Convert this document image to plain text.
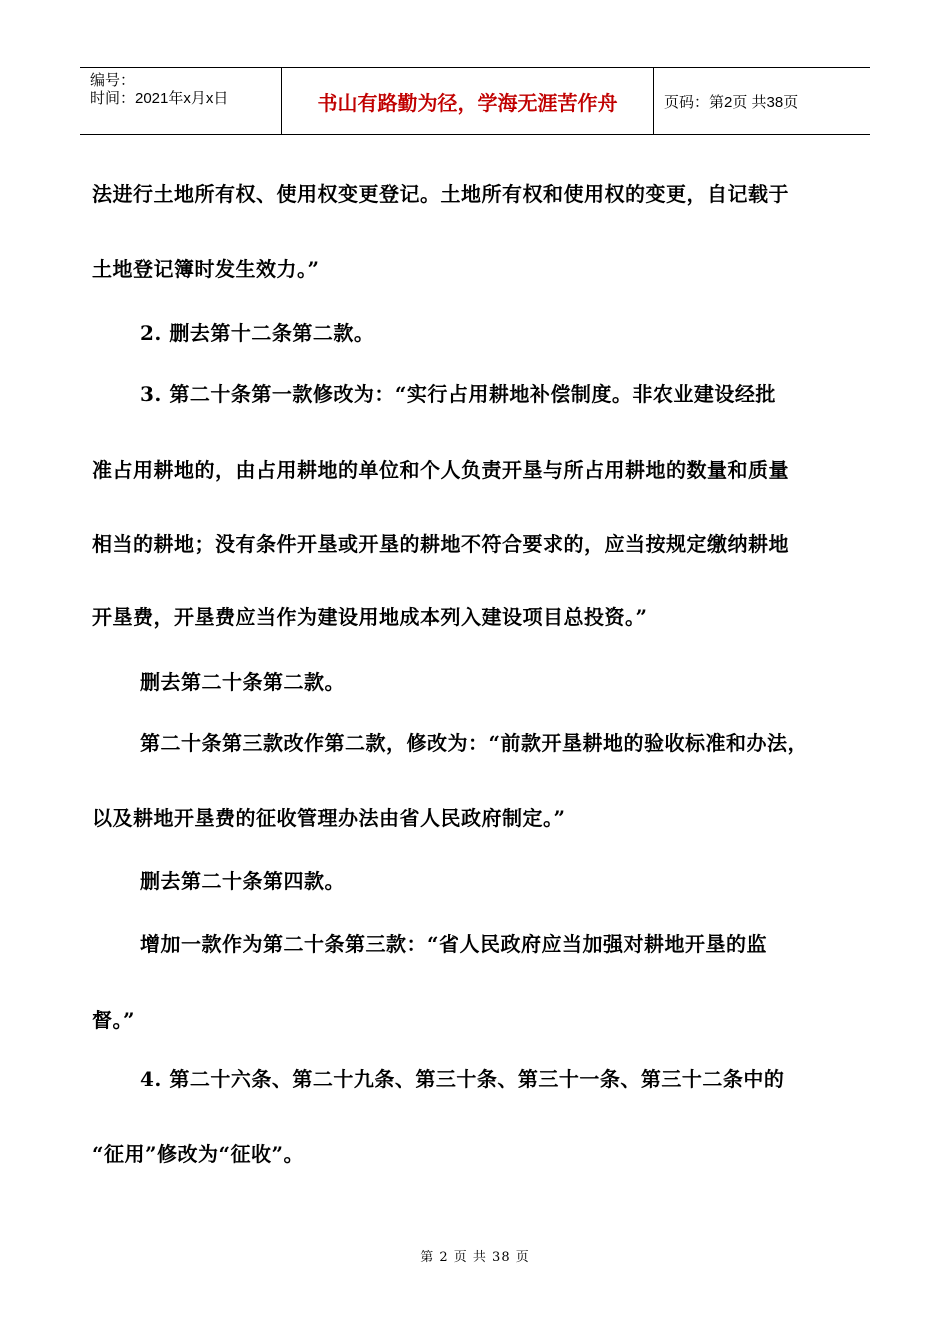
编号：
时间：2021年x月x日	书山有路勤为径，学海无涯苦作舟	页码：第2页 共38页
法进行土地所有权、使用权变更登记。土地所有权和使用权的变更，自记载于
土地登记簿时发生效力。”
2. 删去第十二条第二款。
3. 第二十条第一款修改为：“实行占用耕地补偿制度。非农业建设经批
准占用耕地的，由占用耕地的单位和个人负责开垦与所占用耕地的数量和质量
相当的耕地；没有条件开垦或开垦的耕地不符合要求的，应当按规定缴纳耕地
开垦费，开垦费应当作为建设用地成本列入建设项目总投资。”
删去第二十条第二款。
第二十条第三款改作第二款，修改为：“前款开垦耕地的验收标准和办法，
以及耕地开垦费的征收管理办法由省人民政府制定。”
删去第二十条第四款。
增加一款作为第二十条第三款：“省人民政府应当加强对耕地开垦的监
督。”
4. 第二十六条、第二十九条、第三十条、第三十一条、第三十二条中的
“征用”修改为“征收”。
第 2 页 共 38 页
